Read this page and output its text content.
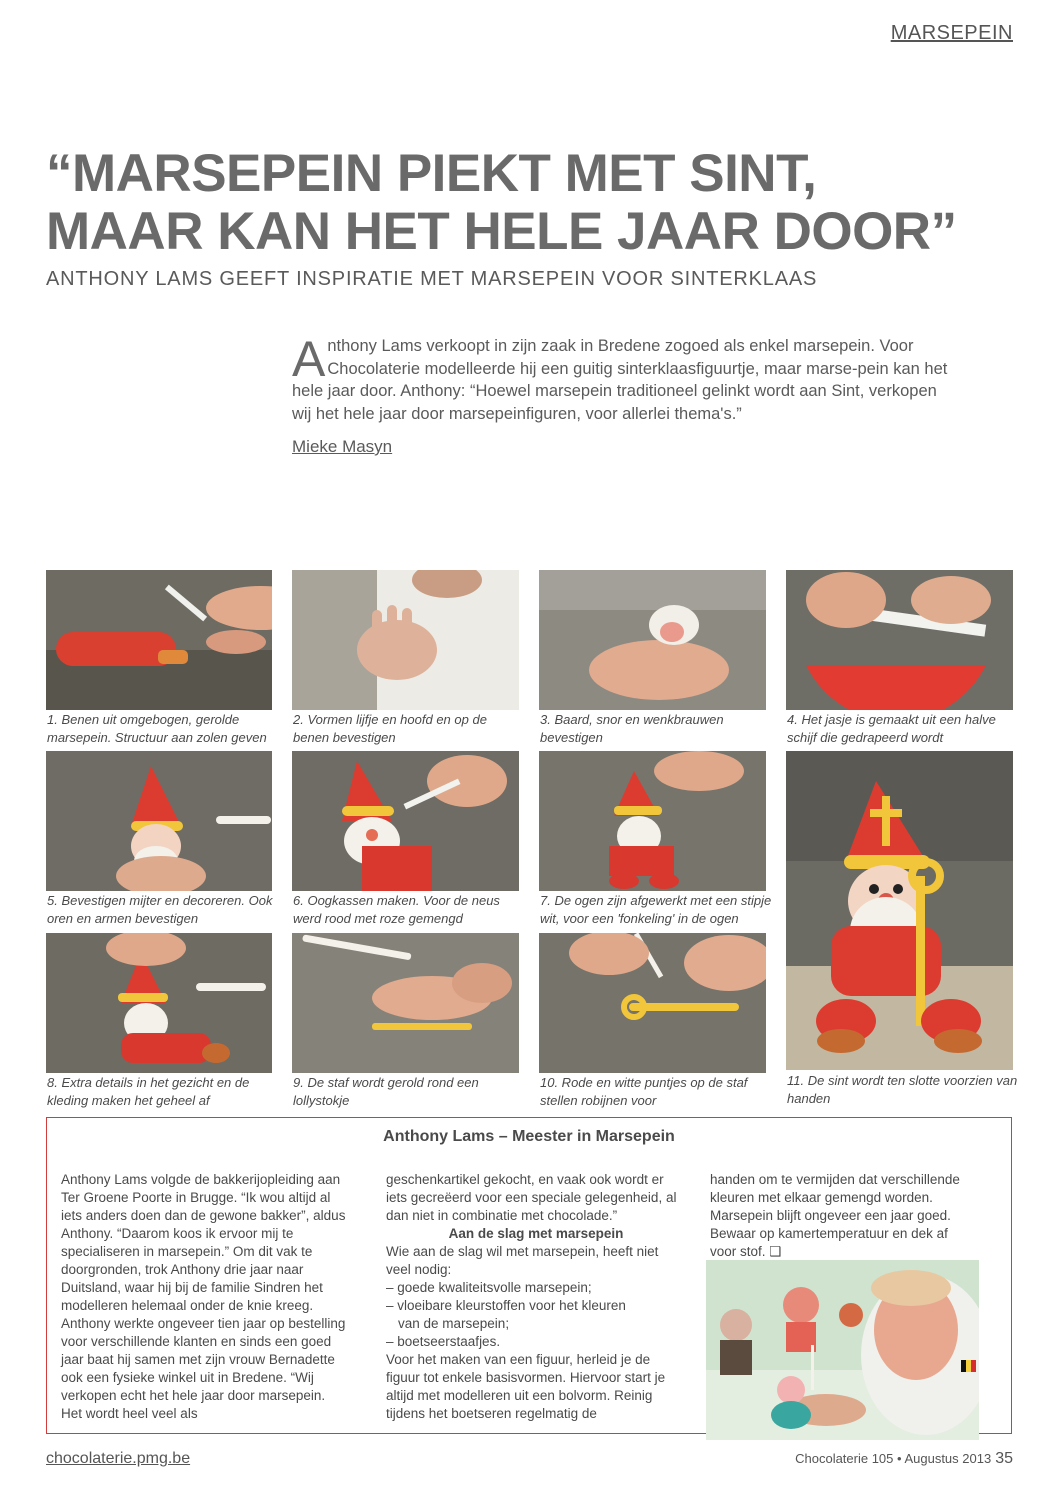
MARSEPEIN
“MARSEPEIN PIEKT MET SINT,
MAAR KAN HET HELE JAAR DOOR”
ANTHONY LAMS GEEFT INSPIRATIE MET MARSEPEIN VOOR SINTERKLAAS
Anthony Lams verkoopt in zijn zaak in Bredene zogoed als enkel marsepein. Voor Chocolaterie modelleerde hij een guitig sinterklaasfiguurtje, maar marse-pein kan het hele jaar door. Anthony: “Hoewel marsepein traditioneel gelinkt wordt aan Sint, verkopen wij het hele jaar door marsepeinfiguren, voor allerlei thema's.”
Mieke Masyn
1. Benen uit omgebogen, gerolde marsepein. Structuur aan zolen geven
2. Vormen lijfje en hoofd en op de benen bevestigen
3. Baard, snor en wenkbrauwen bevestigen
4. Het jasje is gemaakt uit een halve schijf die gedrapeerd wordt
5. Bevestigen mijter en decoreren. Ook oren en armen bevestigen
6. Oogkassen maken. Voor de neus werd rood met roze gemengd
7. De ogen zijn afgewerkt met een stipje wit, voor een 'fonkeling' in de ogen
11. De sint wordt ten slotte voorzien van handen
8. Extra details in het gezicht en de kleding maken het geheel af
9. De staf wordt gerold rond een lollystokje
10. Rode en witte puntjes op de staf stellen robijnen voor
Anthony Lams – Meester in Marsepein

Anthony Lams volgde de bakkerijopleiding aan Ter Groene Poorte in Brugge. “Ik wou altijd al iets anders doen dan de gewone bakker”, aldus Anthony. “Daarom koos ik ervoor mij te specialiseren in marsepein.” Om dit vak te doorgronden, trok Anthony drie jaar naar Duitsland, waar hij bij de familie Sindren het modelleren helemaal onder de knie kreeg. Anthony werkte ongeveer tien jaar op bestelling voor verschillende klanten en sinds een goed jaar baat hij samen met zijn vrouw Bernadette ook een fysieke winkel uit in Bredene. “Wij verkopen echt het hele jaar door marsepein. Het wordt heel veel als

geschenkartikel gekocht, en vaak ook wordt er iets gecreëerd voor een speciale gelegenheid, al dan niet in combinatie met chocolade.”

Aan de slag met marsepein

Wie aan de slag wil met marsepein, heeft niet veel nodig:

– goede kwaliteitsvolle marsepein;

– vloeibare kleurstoffen voor het kleuren

van de marsepein;

– boetseerstaafjes.

Voor het maken van een figuur, herleid je de figuur tot enkele basisvormen. Hiervoor start je altijd met modelleren uit een bolvorm. Reinig tijdens het boetseren regelmatig de

handen om te vermijden dat verschillende kleuren met elkaar gemengd worden. Marsepein blijft ongeveer een jaar goed. Bewaar op kamertemperatuur en dek af voor stof. ❑

chocolaterie.pmg.be	Chocolaterie 105 • Augustus 2013 35
